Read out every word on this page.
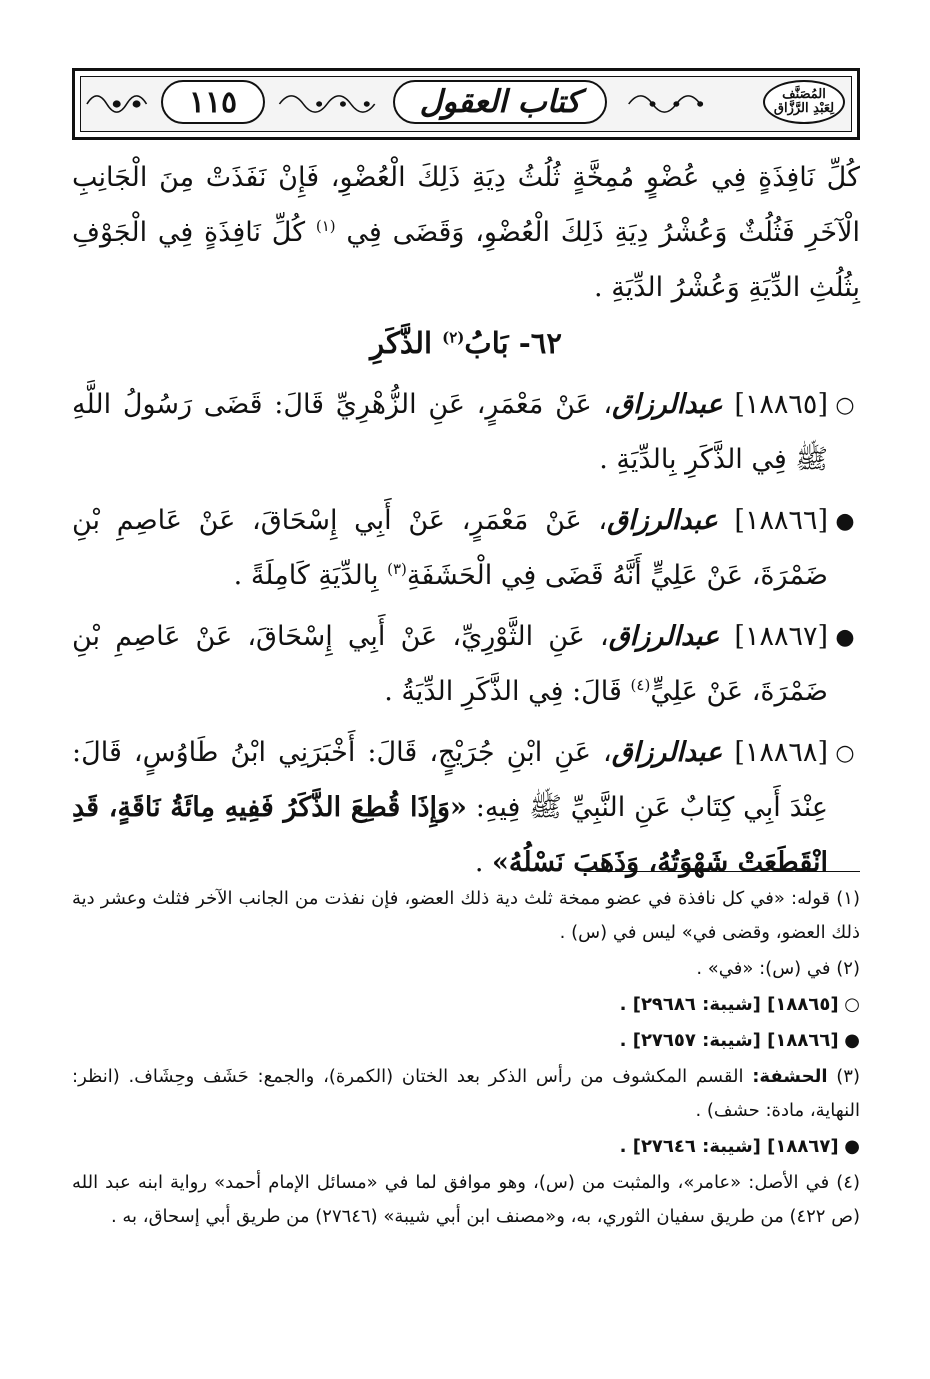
١١٥	كتاب العقول	المُصَنَّف
لِعَبْدِ الرَّزَّاق

كُلِّ نَافِذَةٍ فِي عُضْوٍ مُمِخَّةٍ ثُلُثُ دِيَةِ ذَلِكَ الْعُضْوِ، فَإِنْ نَفَذَتْ مِنَ الْجَانِبِ الْآخَرِ فَثُلُثٌ وَعُشْرُ دِيَةِ ذَلِكَ الْعُضْوِ، وَقَضَى فِي $^{(١)}$ كُلِّ نَافِذَةٍ فِي الْجَوْفِ بِثُلُثِ الدِّيَةِ وَعُشْرُ الدِّيَةِ .

٦٢- بَابُ$^{(٢)}$ الذَّكَرِ

○
[١٨٨٦٥] عبدالرزاق، عَنْ مَعْمَرٍ، عَنِ الزُّهْرِيِّ قَالَ: قَضَى رَسُولُ اللَّهِ ﷺ فِي الذَّكَرِ بِالدِّيَةِ .

●
[١٨٨٦٦] عبدالرزاق، عَنْ مَعْمَرٍ، عَنْ أَبِي إِسْحَاقَ، عَنْ عَاصِمِ بْنِ ضَمْرَةَ، عَنْ عَلِيٍّ أَنَّهُ قَضَى فِي الْحَشَفَةِ$^{(٣)}$ بِالدِّيَةِ كَامِلَةً .

●
[١٨٨٦٧] عبدالرزاق، عَنِ الثَّوْرِيِّ، عَنْ أَبِي إِسْحَاقَ، عَنْ عَاصِمِ بْنِ ضَمْرَةَ، عَنْ عَلِيٍّ$^{(٤)}$ قَالَ: فِي الذَّكَرِ الدِّيَةُ .

○
[١٨٨٦٨] عبدالرزاق، عَنِ ابْنِ جُرَيْجٍ، قَالَ: أَخْبَرَنِي ابْنُ طَاوُسٍ، قَالَ: عِنْدَ أَبِي كِتَابٌ عَنِ النَّبِيِّ ﷺ فِيهِ: «وَإِذَا قُطِعَ الذَّكَرُ فَفِيهِ مِائَةُ نَاقَةٍ، قَدِ انْقَطَعَتْ شَهْوَتُهُ، وَذَهَبَ نَسْلُهُ» .

(١) قوله: «في كل نافذة في عضو ممخة ثلث دية ذلك العضو، فإن نفذت من الجانب الآخر فثلث وعشر دية ذلك العضو، وقضى في» ليس في (س) .

(٢) في (س): «في» .

○ [١٨٨٦٥] [شيبة: ٢٩٦٨٦] .

● [١٨٨٦٦] [شيبة: ٢٧٦٥٧] .

(٣) الحشفة: القسم المكشوف من رأس الذكر بعد الختان (الكمرة)، والجمع: حَشَف وحِشَاف. (انظر: النهاية، مادة: حشف) .

● [١٨٨٦٧] [شيبة: ٢٧٦٤٦] .

(٤) في الأصل: «عامر»، والمثبت من (س)، وهو موافق لما في «مسائل الإمام أحمد» رواية ابنه عبد الله (ص ٤٢٢) من طريق سفيان الثوري، به، و«مصنف ابن أبي شيبة» (٢٧٦٤٦) من طريق أبي إسحاق، به .
